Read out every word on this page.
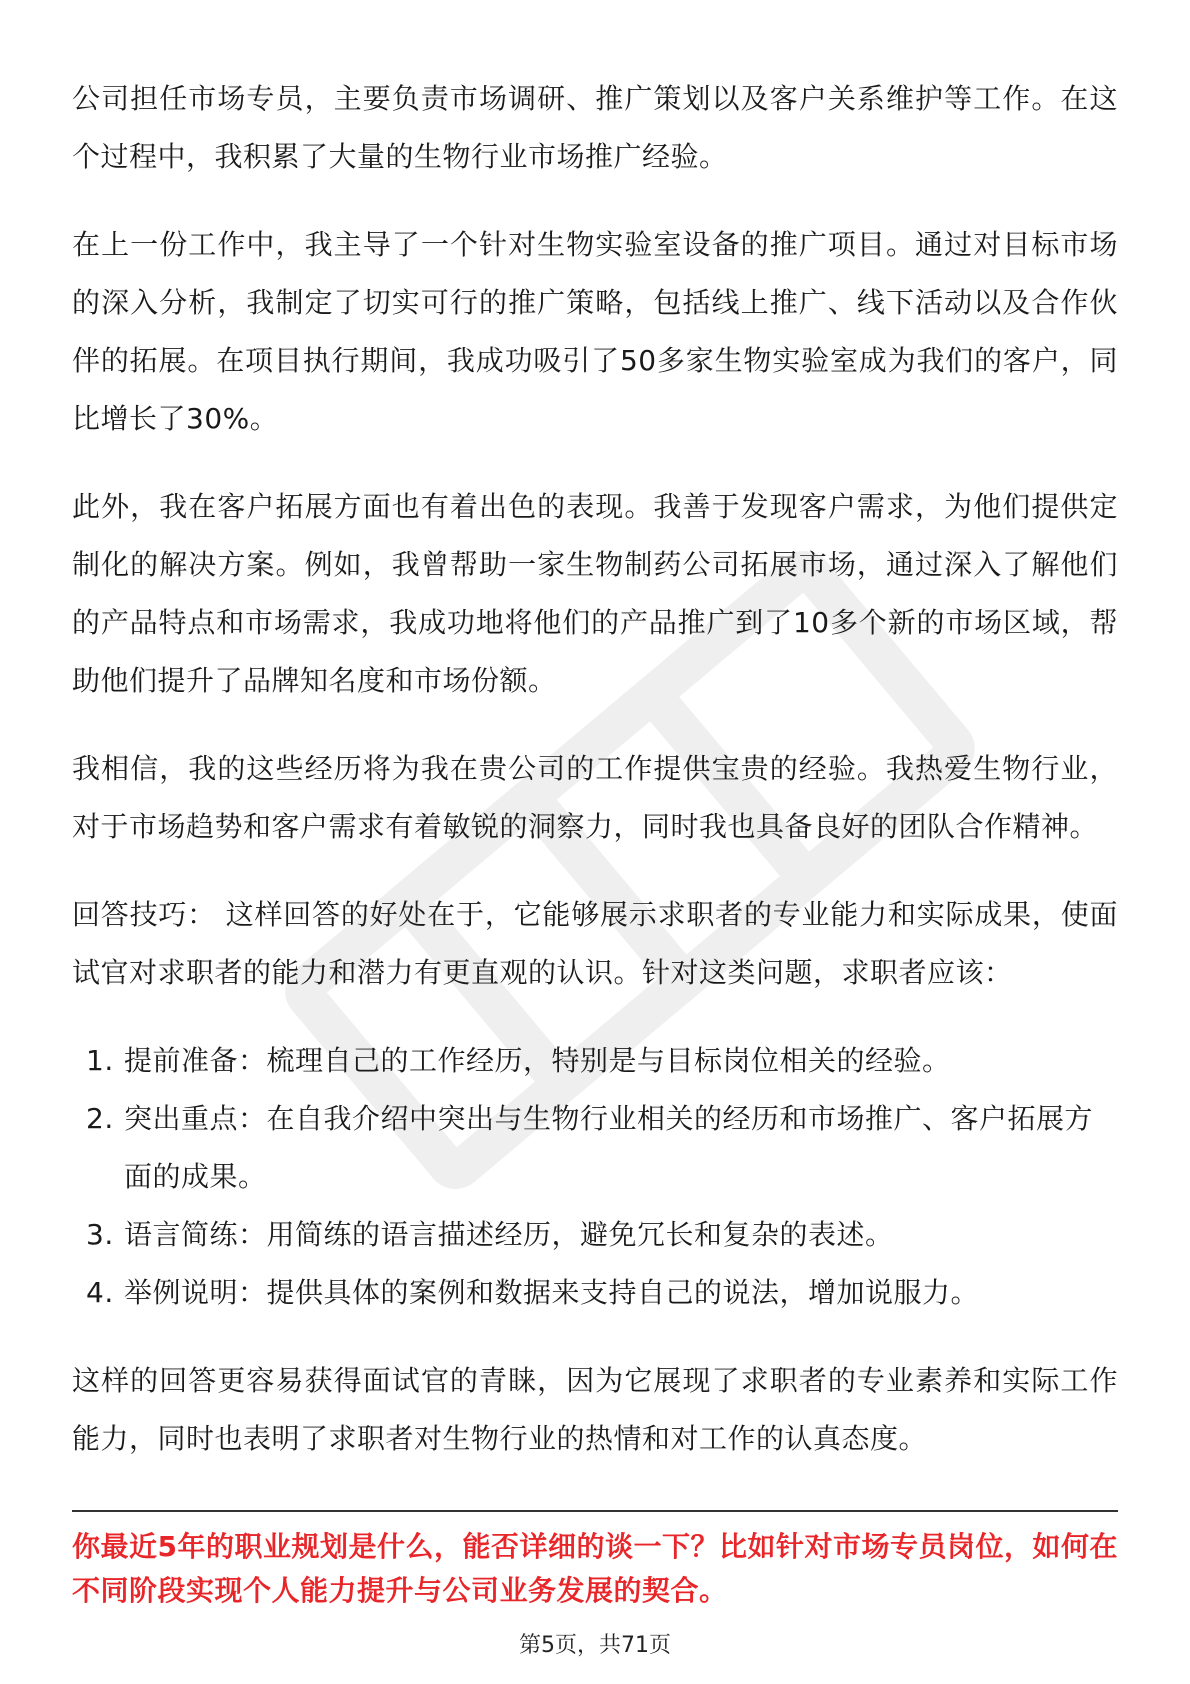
公司担任市场专员，主要负责市场调研、推广策划以及客户关系维护等工作。在这个过程中，我积累了大量的生物行业市场推广经验。

在上一份工作中，我主导了一个针对生物实验室设备的推广项目。通过对目标市场的深入分析，我制定了切实可行的推广策略，包括线上推广、线下活动以及合作伙伴的拓展。在项目执行期间，我成功吸引了50多家生物实验室成为我们的客户，同比增长了30%。

此外，我在客户拓展方面也有着出色的表现。我善于发现客户需求，为他们提供定制化的解决方案。例如，我曾帮助一家生物制药公司拓展市场，通过深入了解他们的产品特点和市场需求，我成功地将他们的产品推广到了10多个新的市场区域，帮助他们提升了品牌知名度和市场份额。

我相信，我的这些经历将为我在贵公司的工作提供宝贵的经验。我热爱生物行业，对于市场趋势和客户需求有着敏锐的洞察力，同时我也具备良好的团队合作精神。

回答技巧： 这样回答的好处在于，它能够展示求职者的专业能力和实际成果，使面试官对求职者的能力和潜力有更直观的认识。针对这类问题，求职者应该：

1. 提前准备：梳理自己的工作经历，特别是与目标岗位相关的经验。
2. 突出重点：在自我介绍中突出与生物行业相关的经历和市场推广、客户拓展方面的成果。
3. 语言简练：用简练的语言描述经历，避免冗长和复杂的表述。
4. 举例说明：提供具体的案例和数据来支持自己的说法，增加说服力。

这样的回答更容易获得面试官的青睐，因为它展现了求职者的专业素养和实际工作能力，同时也表明了求职者对生物行业的热情和对工作的认真态度。

你最近5年的职业规划是什么，能否详细的谈一下？比如针对市场专员岗位，如何在不同阶段实现个人能力提升与公司业务发展的契合。
第5页，共71页
